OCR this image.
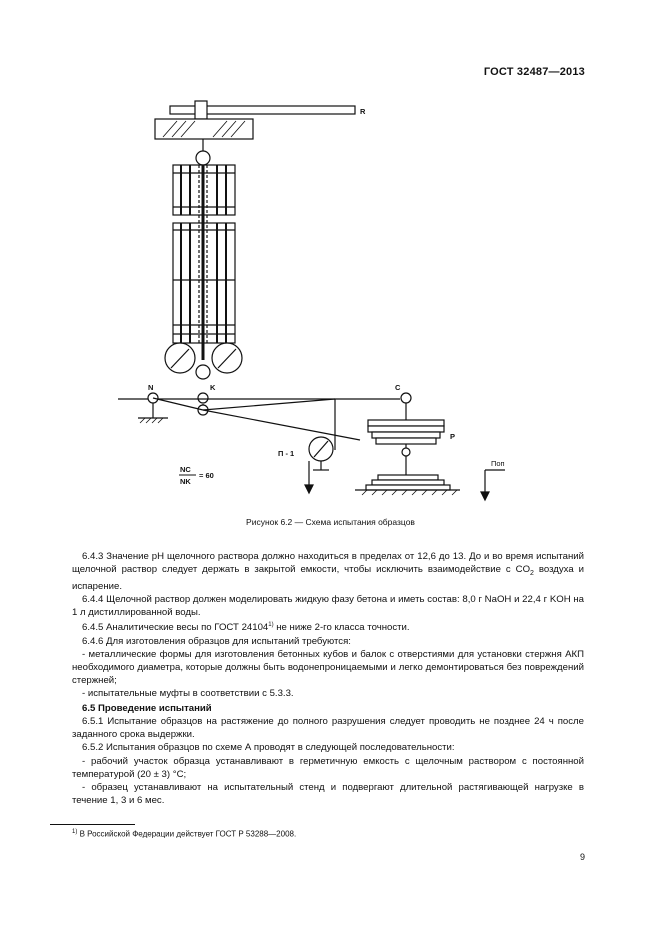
ГОСТ 32487—2013
R
N	K	C
P
П - 1
NC
NK
= 60
Поп
Рисунок 6.2 — Схема испытания образцов

6.4.3 Значение pH щелочного раствора должно находиться в пределах от 12,6 до 13. До и во время испытаний щелочной раствор следует держать в закрытой емкости, чтобы исключить взаимодействие с $CO_2$ воздуха и испарение.

6.4.4 Щелочной раствор должен моделировать жидкую фазу бетона и иметь состав: 8,0 г NaOH и 22,4 г KOH на 1 л дистиллированной воды.

6.4.5 Аналитические весы по ГОСТ 24104$^{1)}$ не ниже 2-го класса точности.

6.4.6 Для изготовления образцов для испытаний требуются:

- металлические формы для изготовления бетонных кубов и балок с отверстиями для установки стержня АКП необходимого диаметра, которые должны быть водонепроницаемыми и легко демонтироваться без повреждений стержней;

- испытательные муфты в соответствии с 5.3.3.

6.5 Проведение испытаний

6.5.1 Испытание образцов на растяжение до полного разрушения следует проводить не позднее 24 ч после заданного срока выдержки.

6.5.2 Испытания образцов по схеме А проводят в следующей последовательности:

- рабочий участок образца устанавливают в герметичную емкость с щелочным раствором с постоянной температурой (20 ± 3) °С;

- образец устанавливают на испытательный стенд и подвергают длительной растягивающей нагрузке в течение 1, 3 и 6 мес.

$^{1)}$ В Российской Федерации действует ГОСТ Р 53288—2008.
9
